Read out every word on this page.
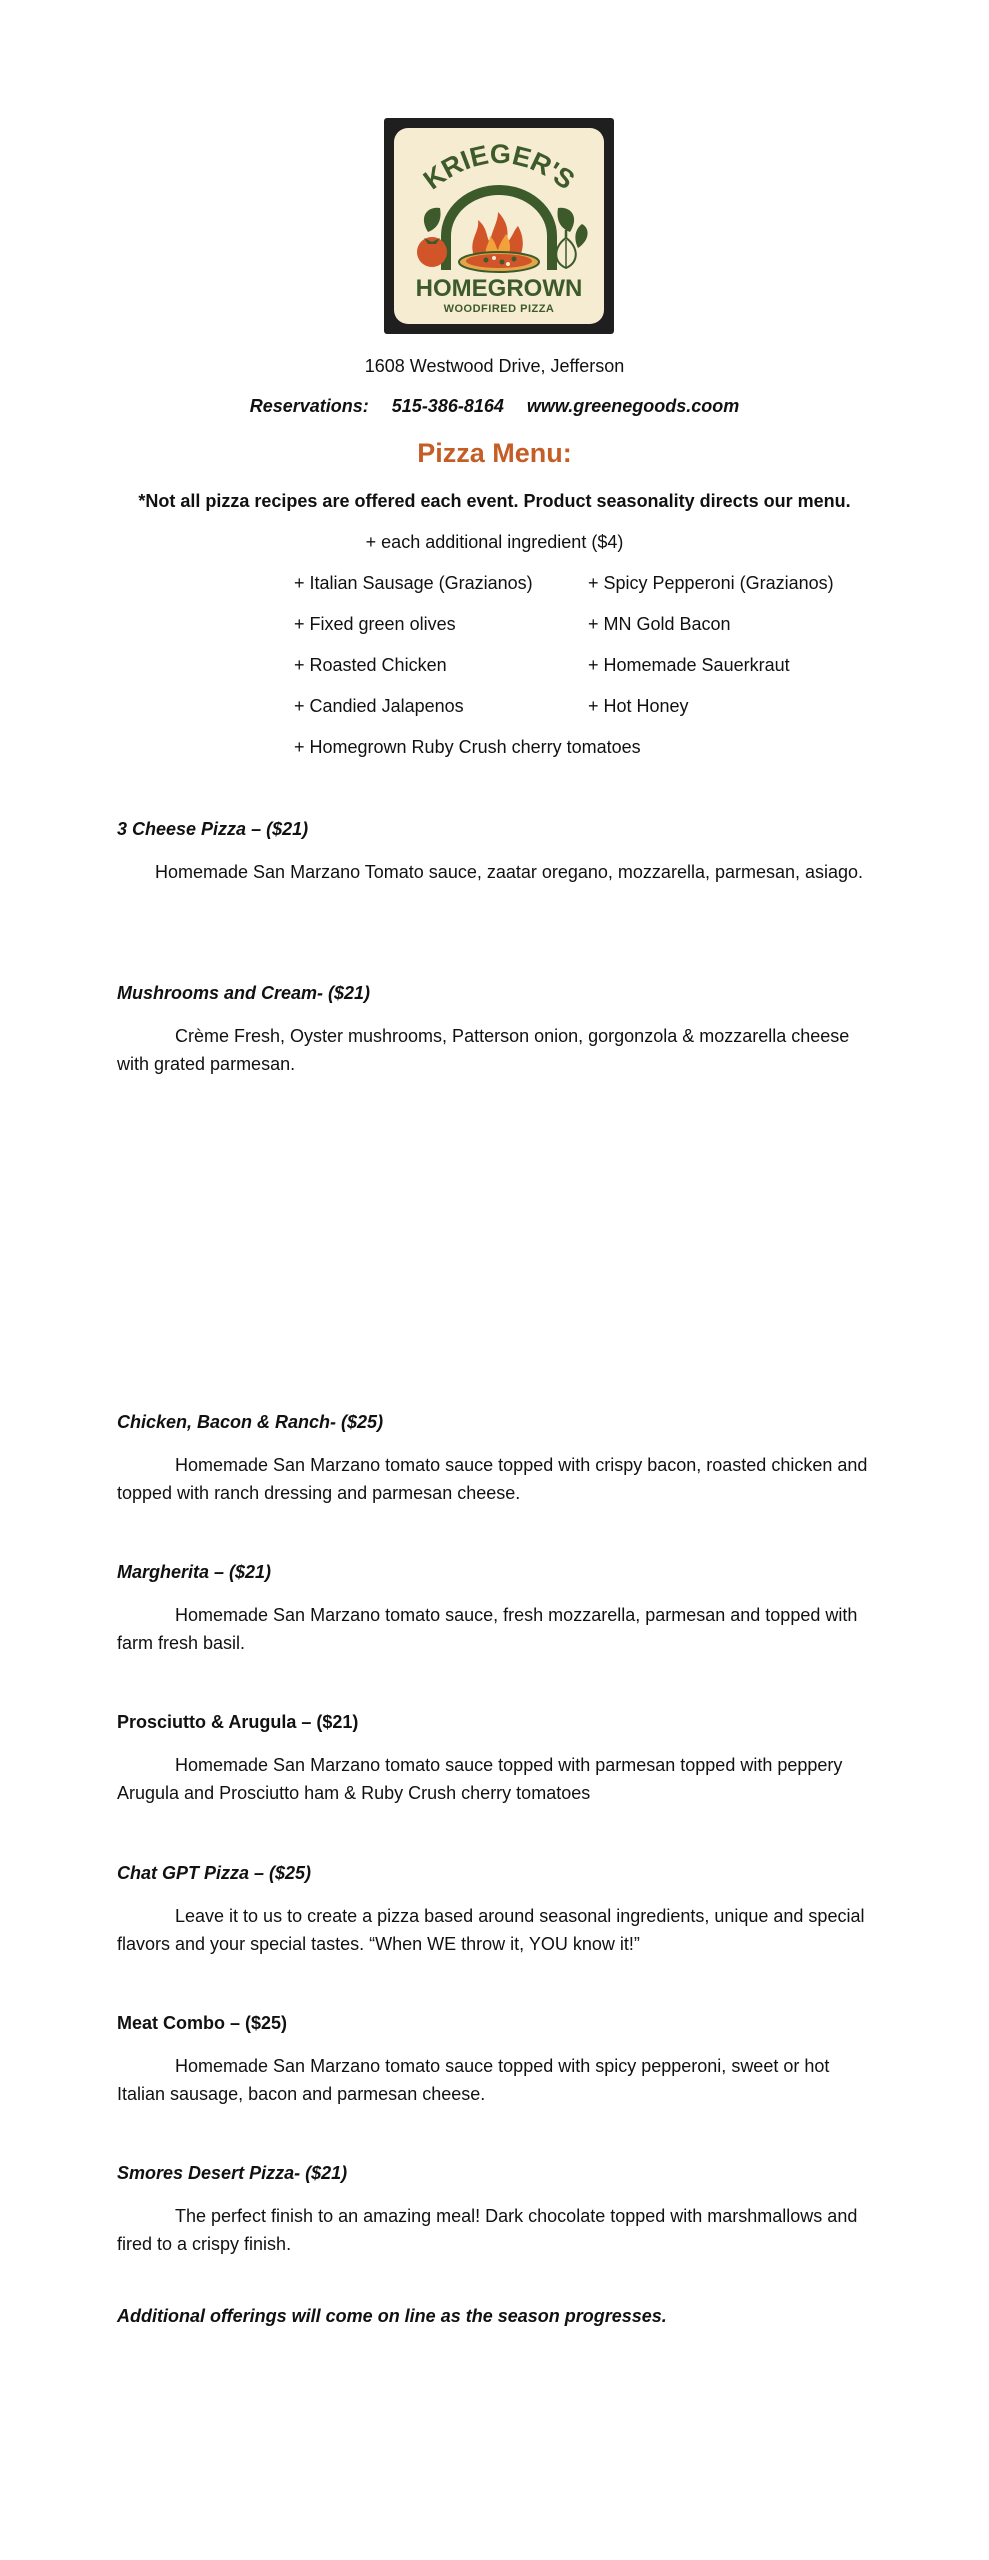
KRIEGER'S
HOMEGROWN
WOODFIRED PIZZA
1608 Westwood Drive, Jefferson
Reservations: 515-386-8164 www.greenegoods.coom
Pizza Menu:
*Not all pizza recipes are offered each event. Product seasonality directs our menu.
+ each additional ingredient ($4)
+ Italian Sausage (Grazianos)
+ Fixed green olives
+ Roasted Chicken
+ Candied Jalapenos
+ Homegrown Ruby Crush cherry tomatoes
+ Spicy Pepperoni (Grazianos)
+ MN Gold Bacon
+ Homemade Sauerkraut
+ Hot Honey
3 Cheese Pizza – ($21)

Homemade San Marzano Tomato sauce, zaatar oregano, mozzarella, parmesan, asiago.

Mushrooms and Cream- ($21)

Crème Fresh, Oyster mushrooms, Patterson onion, gorgonzola & mozzarella cheese with grated parmesan.

Chicken, Bacon & Ranch- ($25)

Homemade San Marzano tomato sauce topped with crispy bacon, roasted chicken and topped with ranch dressing and parmesan cheese.

Margherita – ($21)

Homemade San Marzano tomato sauce, fresh mozzarella, parmesan and topped with farm fresh basil.

Prosciutto & Arugula – ($21)

Homemade San Marzano tomato sauce topped with parmesan topped with peppery Arugula and Prosciutto ham & Ruby Crush cherry tomatoes

Chat GPT Pizza – ($25)

Leave it to us to create a pizza based around seasonal ingredients, unique and special flavors and your special tastes. “When WE throw it, YOU know it!”

Meat Combo – ($25)

Homemade San Marzano tomato sauce topped with spicy pepperoni, sweet or hot Italian sausage, bacon and parmesan cheese.

Smores Desert Pizza- ($21)

The perfect finish to an amazing meal! Dark chocolate topped with marshmallows and fired to a crispy finish.

Additional offerings will come on line as the season progresses.
